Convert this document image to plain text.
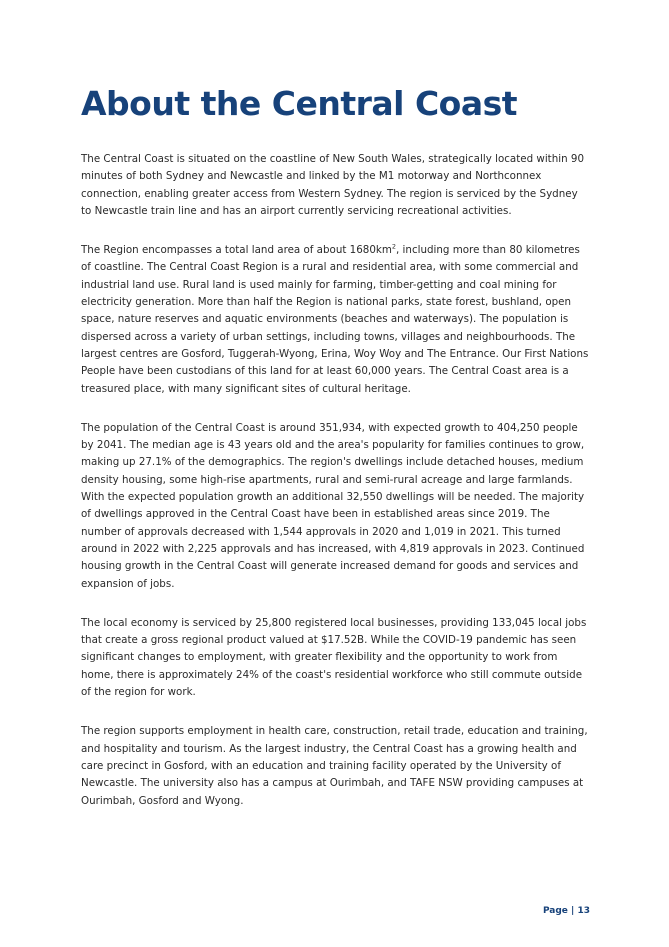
About the Central Coast

The Central Coast is situated on the coastline of New South Wales, strategically located within 90 minutes of both Sydney and Newcastle and linked by the M1 motorway and Northconnex connection, enabling greater access from Western Sydney. The region is serviced by the Sydney to Newcastle train line and has an airport currently servicing recreational activities.

The Region encompasses a total land area of about $1680km^2$, including more than 80 kilometres of coastline. The Central Coast Region is a rural and residential area, with some commercial and industrial land use. Rural land is used mainly for farming, timber-getting and coal mining for electricity generation. More than half the Region is national parks, state forest, bushland, open space, nature reserves and aquatic environments (beaches and waterways). The population is dispersed across a variety of urban settings, including towns, villages and neighbourhoods. The largest centres are Gosford, Tuggerah-Wyong, Erina, Woy Woy and The Entrance. Our First Nations People have been custodians of this land for at least 60,000 years. The Central Coast area is a treasured place, with many significant sites of cultural heritage.

The population of the Central Coast is around 351,934, with expected growth to 404,250 people by 2041. The median age is 43 years old and the area's popularity for families continues to grow, making up 27.1% of the demographics. The region's dwellings include detached houses, medium density housing, some high-rise apartments, rural and semi-rural acreage and large farmlands. With the expected population growth an additional 32,550 dwellings will be needed. The majority of dwellings approved in the Central Coast have been in established areas since 2019. The number of approvals decreased with 1,544 approvals in 2020 and 1,019 in 2021. This turned around in 2022 with 2,225 approvals and has increased, with 4,819 approvals in 2023. Continued housing growth in the Central Coast will generate increased demand for goods and services and expansion of jobs.

The local economy is serviced by 25,800 registered local businesses, providing 133,045 local jobs that create a gross regional product valued at $17.52B. While the COVID-19 pandemic has seen significant changes to employment, with greater flexibility and the opportunity to work from home, there is approximately 24% of the coast's residential workforce who still commute outside of the region for work.

The region supports employment in health care, construction, retail trade, education and training, and hospitality and tourism. As the largest industry, the Central Coast has a growing health and care precinct in Gosford, with an education and training facility operated by the University of Newcastle. The university also has a campus at Ourimbah, and TAFE NSW providing campuses at Ourimbah, Gosford and Wyong.

Page | 13
